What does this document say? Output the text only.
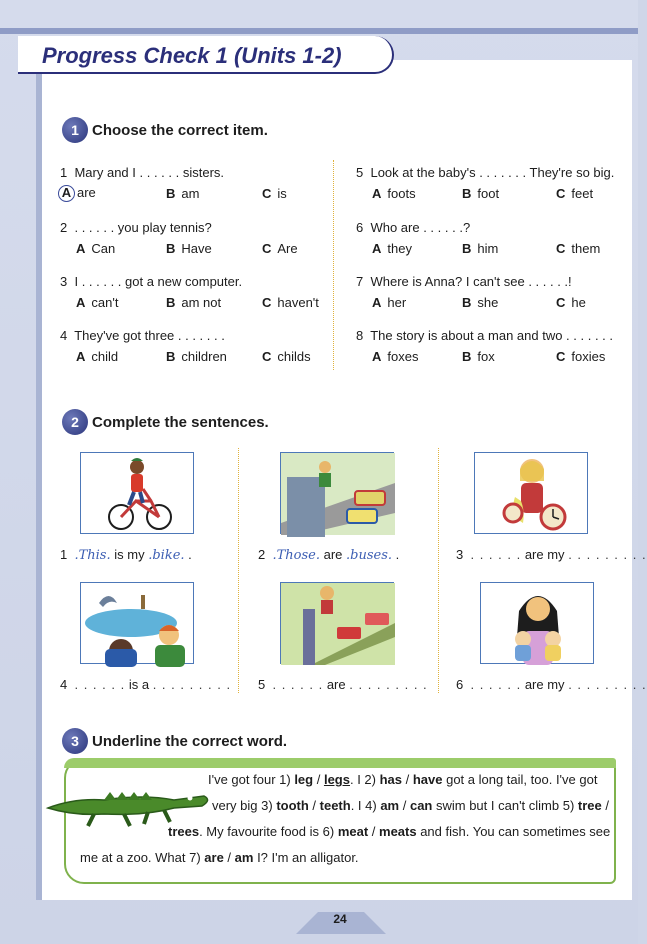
Progress Check 1 (Units 1-2)
1 Choose the correct item.
1 Mary and I . . . . . . sisters.
A are	B am	C is
2 . . . . . . you play tennis?
A Can	B Have	C Are
3 I . . . . . . got a new computer.
A can't	B am not	C haven't
4 They've got three . . . . . . .
A child	B children	C childs
5 Look at the baby's . . . . . . . They're so big.
A foots	B foot	C feet
6 Who are . . . . . .?
A they	B him	C them
7 Where is Anna? I can't see . . . . . .!
A her	B she	C he
8 The story is about a man and two . . . . . . .
A foxes	B fox	C foxies
2 Complete the sentences.
1 .This. is my .bike. .	2 .Those. are .buses. .	3 . . . . . . are my . . . . . . . . .
4 . . . . . . is a . . . . . . . . . 5 . . . . . . are . . . . . . . . . 6 . . . . . . are my . . . . . . . . .
3 Underline the correct word.
I've got four 1) leg / legs. I 2) has / have got a long tail, too. I've got
very big 3) tooth / teeth. I 4) am / can swim but I can't climb 5) tree /
trees. My favourite food is 6) meat / meats and fish. You can sometimes see
me at a zoo. What 7) are / am I? I'm an alligator.
24
